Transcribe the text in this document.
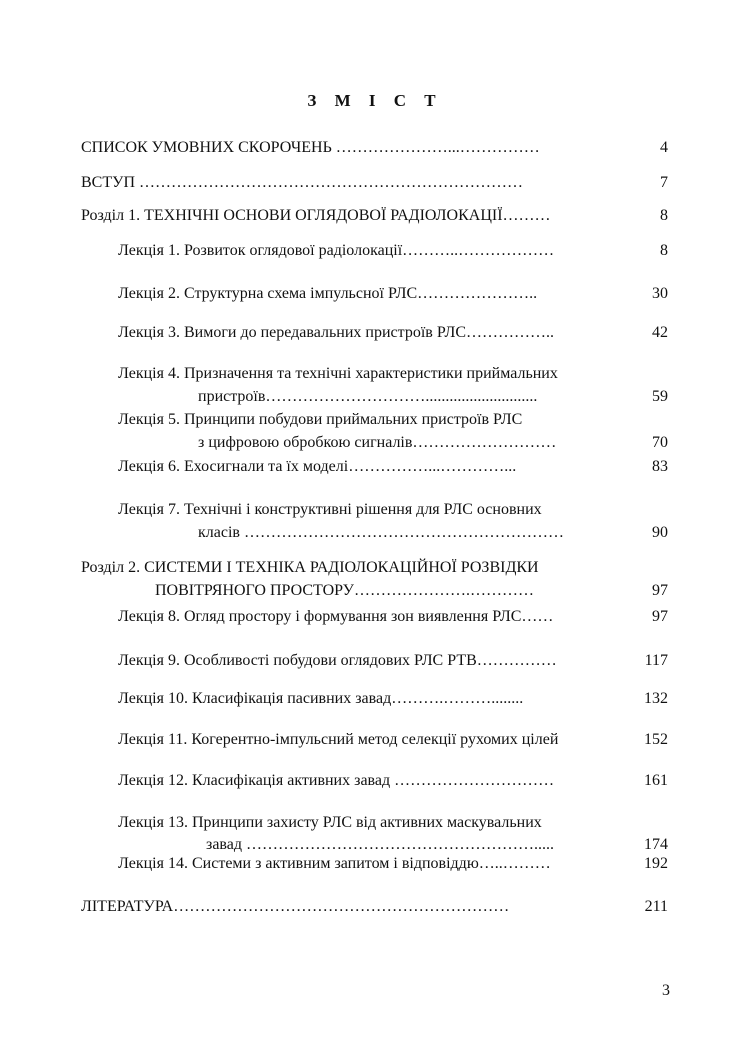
З М І С Т
СПИСОК УМОВНИХ СКОРОЧЕНЬ …………………...……………	4
ВСТУП ………………………………………………………………	7
Розділ 1. ТЕХНІЧНІ ОСНОВИ ОГЛЯДОВОЇ РАДІОЛОКАЦІЇ………	8
Лекція 1. Розвиток оглядової радіолокації………..………………	8
Лекція 2. Структурна схема імпульсної РЛС…………………..	30
Лекція 3. Вимоги до передавальних пристроїв РЛС……………..	42
Лекція 4. Призначення та технічні характеристики приймальних
пристроїв…………………………............................	59
Лекція 5. Принципи побудови приймальних пристроїв РЛС
з цифровою обробкою сигналів………………………	70
Лекція 6. Ехосигнали та їх моделі……………...…………...	83
Лекція 7. Технічні і конструктивні рішення для РЛС основних
класів ……………………………………………………	90
Розділ 2. СИСТЕМИ І ТЕХНІКА РАДІОЛОКАЦІЙНОЇ РОЗВІДКИ
ПОВІТРЯНОГО ПРОСТОРУ………………….…………	97
Лекція 8. Огляд простору і формування зон виявлення РЛС……	97
Лекція 9. Особливості побудови оглядових РЛС РТВ……………	117
Лекція 10. Класифікація пасивних завад……….………........	132
Лекція 11. Когерентно-імпульсний метод селекції рухомих цілей	152
Лекція 12. Класифікація активних завад …………………………	161
Лекція 13. Принципи захисту РЛС від активних маскувальних
завад ……………………………………………….....	174
Лекція 14. Системи з активним запитом і відповіддю…..………	192
ЛІТЕРАТУРА………………………………………………………	211
3
